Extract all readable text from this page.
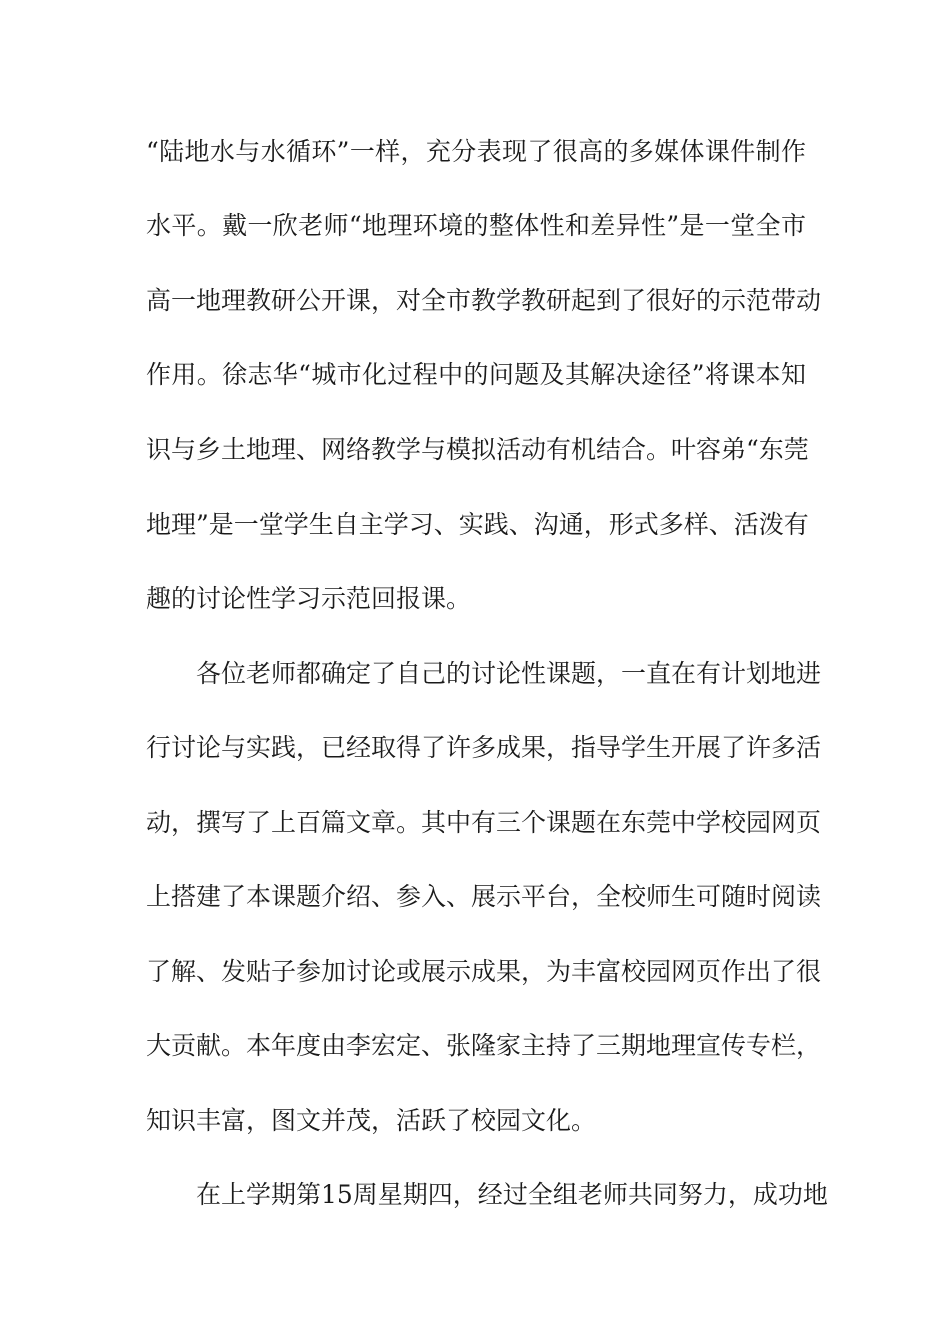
“陆地水与水循环”一样，充分表现了很高的多媒体课件制作
水平。戴一欣老师“地理环境的整体性和差异性”是一堂全市
高一地理教研公开课，对全市教学教研起到了很好的示范带动
作用。徐志华“城市化过程中的问题及其解决途径”将课本知
识与乡土地理、网络教学与模拟活动有机结合。叶容弟“东莞
地理”是一堂学生自主学习、实践、沟通，形式多样、活泼有
趣的讨论性学习示范回报课。
各位老师都确定了自己的讨论性课题，一直在有计划地进
行讨论与实践，已经取得了许多成果，指导学生开展了许多活
动，撰写了上百篇文章。其中有三个课题在东莞中学校园网页
上搭建了本课题介绍、参入、展示平台，全校师生可随时阅读
了解、发贴子参加讨论或展示成果，为丰富校园网页作出了很
大贡献。本年度由李宏定、张隆家主持了三期地理宣传专栏，
知识丰富，图文并茂，活跃了校园文化。
在上学期第15周星期四，经过全组老师共同努力，成功地
